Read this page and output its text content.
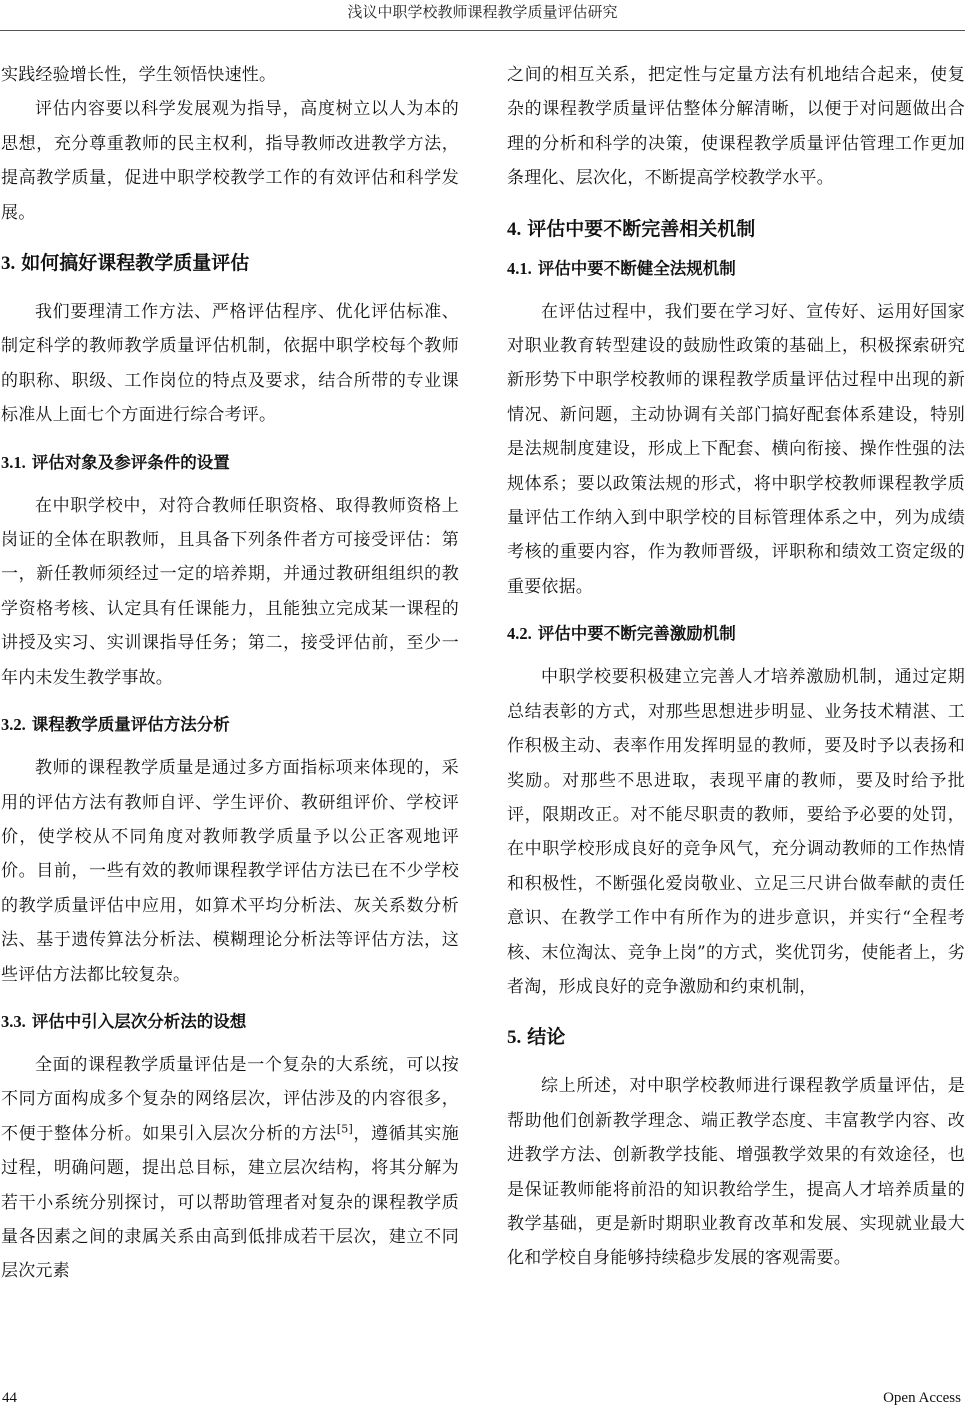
浅议中职学校教师课程教学质量评估研究

实践经验增长性，学生领悟快速性。

评估内容要以科学发展观为指导，高度树立以人为本的思想，充分尊重教师的民主权利，指导教师改进教学方法，提高教学质量，促进中职学校教学工作的有效评估和科学发展。

3. 如何搞好课程教学质量评估

我们要理清工作方法、严格评估程序、优化评估标准、制定科学的教师教学质量评估机制，依据中职学校每个教师的职称、职级、工作岗位的特点及要求，结合所带的专业课标准从上面七个方面进行综合考评。

3.1. 评估对象及参评条件的设置

在中职学校中，对符合教师任职资格、取得教师资格上岗证的全体在职教师，且具备下列条件者方可接受评估：第一，新任教师须经过一定的培养期，并通过教研组组织的教学资格考核、认定具有任课能力，且能独立完成某一课程的讲授及实习、实训课指导任务；第二，接受评估前，至少一年内未发生教学事故。

3.2. 课程教学质量评估方法分析

教师的课程教学质量是通过多方面指标项来体现的，采用的评估方法有教师自评、学生评价、教研组评价、学校评价，使学校从不同角度对教师教学质量予以公正客观地评价。目前，一些有效的教师课程教学评估方法已在不少学校的教学质量评估中应用，如算术平均分析法、灰关系数分析法、基于遗传算法分析法、模糊理论分析法等评估方法，这些评估方法都比较复杂。

3.3. 评估中引入层次分析法的设想

全面的课程教学质量评估是一个复杂的大系统，可以按不同方面构成多个复杂的网络层次，评估涉及的内容很多，不便于整体分析。如果引入层次分析的方法[5]，遵循其实施过程，明确问题，提出总目标，建立层次结构，将其分解为若干小系统分别探讨，可以帮助管理者对复杂的课程教学质量各因素之间的隶属关系由高到低排成若干层次，建立不同层次元素

之间的相互关系，把定性与定量方法有机地结合起来，使复杂的课程教学质量评估整体分解清晰，以便于对问题做出合理的分析和科学的决策，使课程教学质量评估管理工作更加条理化、层次化，不断提高学校教学水平。

4. 评估中要不断完善相关机制
4.1. 评估中要不断健全法规机制

在评估过程中，我们要在学习好、宣传好、运用好国家对职业教育转型建设的鼓励性政策的基础上，积极探索研究新形势下中职学校教师的课程教学质量评估过程中出现的新情况、新问题，主动协调有关部门搞好配套体系建设，特别是法规制度建设，形成上下配套、横向衔接、操作性强的法规体系；要以政策法规的形式，将中职学校教师课程教学质量评估工作纳入到中职学校的目标管理体系之中，列为成绩考核的重要内容，作为教师晋级，评职称和绩效工资定级的重要依据。

4.2. 评估中要不断完善激励机制

中职学校要积极建立完善人才培养激励机制，通过定期总结表彰的方式，对那些思想进步明显、业务技术精湛、工作积极主动、表率作用发挥明显的教师，要及时予以表扬和奖励。对那些不思进取，表现平庸的教师，要及时给予批评，限期改正。对不能尽职责的教师，要给予必要的处罚，在中职学校形成良好的竞争风气，充分调动教师的工作热情和积极性，不断强化爱岗敬业、立足三尺讲台做奉献的责任意识、在教学工作中有所作为的进步意识，并实行“全程考核、末位淘汰、竞争上岗”的方式，奖优罚劣，使能者上，劣者淘，形成良好的竞争激励和约束机制，

5. 结论

综上所述，对中职学校教师进行课程教学质量评估，是帮助他们创新教学理念、端正教学态度、丰富教学内容、改进教学方法、创新教学技能、增强教学效果的有效途径，也是保证教师能将前沿的知识教给学生，提高人才培养质量的教学基础，更是新时期职业教育改革和发展、实现就业最大化和学校自身能够持续稳步发展的客观需要。

44	Open Access
